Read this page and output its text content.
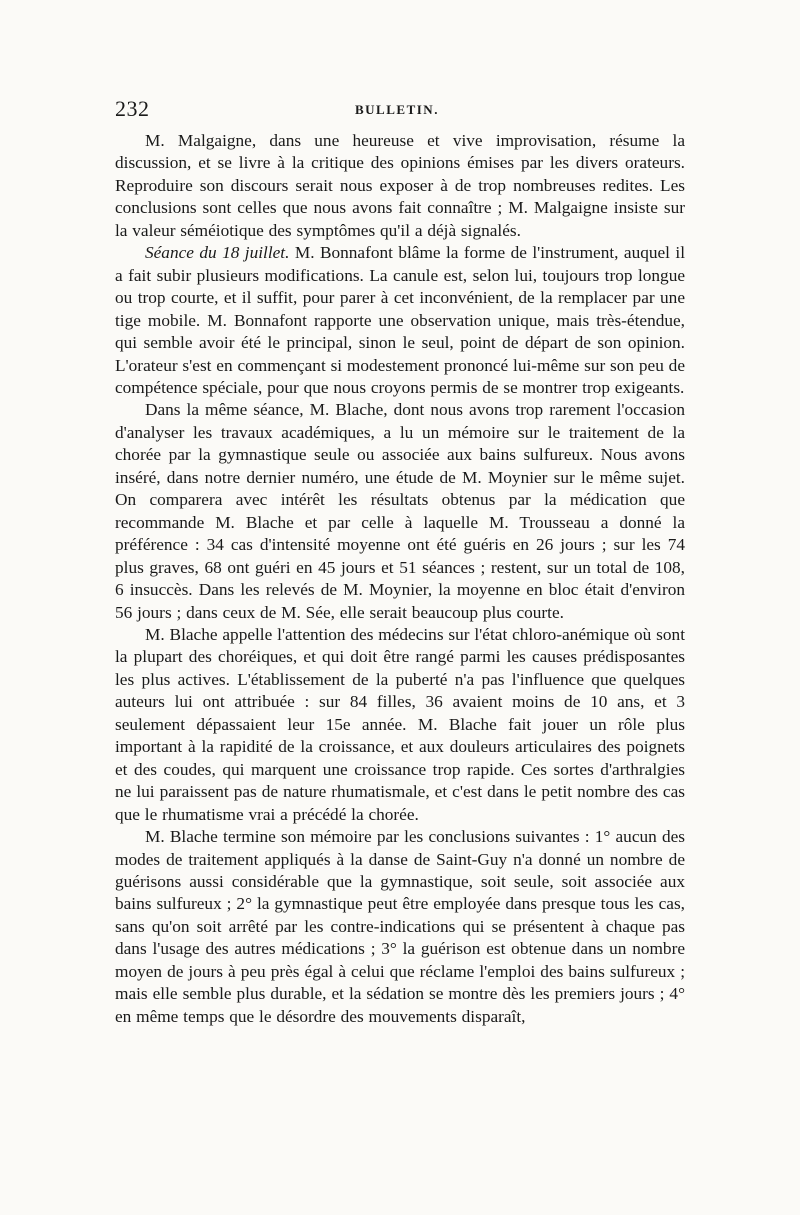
232	BULLETIN.

M. Malgaigne, dans une heureuse et vive improvisation, résume la discussion, et se livre à la critique des opinions émises par les divers orateurs. Reproduire son discours serait nous exposer à de trop nombreuses redites. Les conclusions sont celles que nous avons fait connaître ; M. Malgaigne insiste sur la valeur séméiotique des symptômes qu'il a déjà signalés.

Séance du 18 juillet. M. Bonnafont blâme la forme de l'instrument, auquel il a fait subir plusieurs modifications. La canule est, selon lui, toujours trop longue ou trop courte, et il suffit, pour parer à cet inconvénient, de la remplacer par une tige mobile. M. Bonnafont rapporte une observation unique, mais très-étendue, qui semble avoir été le principal, sinon le seul, point de départ de son opinion. L'orateur s'est en commençant si modestement prononcé lui-même sur son peu de compétence spéciale, pour que nous croyons permis de se montrer trop exigeants.

Dans la même séance, M. Blache, dont nous avons trop rarement l'occasion d'analyser les travaux académiques, a lu un mémoire sur le traitement de la chorée par la gymnastique seule ou associée aux bains sulfureux. Nous avons inséré, dans notre dernier numéro, une étude de M. Moynier sur le même sujet. On comparera avec intérêt les résultats obtenus par la médication que recommande M. Blache et par celle à laquelle M. Trousseau a donné la préférence : 34 cas d'intensité moyenne ont été guéris en 26 jours ; sur les 74 plus graves, 68 ont guéri en 45 jours et 51 séances ; restent, sur un total de 108, 6 insuccès. Dans les relevés de M. Moynier, la moyenne en bloc était d'environ 56 jours ; dans ceux de M. Sée, elle serait beaucoup plus courte.

M. Blache appelle l'attention des médecins sur l'état chloro-anémique où sont la plupart des choréiques, et qui doit être rangé parmi les causes prédisposantes les plus actives. L'établissement de la puberté n'a pas l'influence que quelques auteurs lui ont attribuée : sur 84 filles, 36 avaient moins de 10 ans, et 3 seulement dépassaient leur 15e année. M. Blache fait jouer un rôle plus important à la rapidité de la croissance, et aux douleurs articulaires des poignets et des coudes, qui marquent une croissance trop rapide. Ces sortes d'arthralgies ne lui paraissent pas de nature rhumatismale, et c'est dans le petit nombre des cas que le rhumatisme vrai a précédé la chorée.

M. Blache termine son mémoire par les conclusions suivantes : 1° aucun des modes de traitement appliqués à la danse de Saint-Guy n'a donné un nombre de guérisons aussi considérable que la gymnastique, soit seule, soit associée aux bains sulfureux ; 2° la gymnastique peut être employée dans presque tous les cas, sans qu'on soit arrêté par les contre-indications qui se présentent à chaque pas dans l'usage des autres médications ; 3° la guérison est obtenue dans un nombre moyen de jours à peu près égal à celui que réclame l'emploi des bains sulfureux ; mais elle semble plus durable, et la sédation se montre dès les premiers jours ; 4° en même temps que le désordre des mouvements disparaît,
